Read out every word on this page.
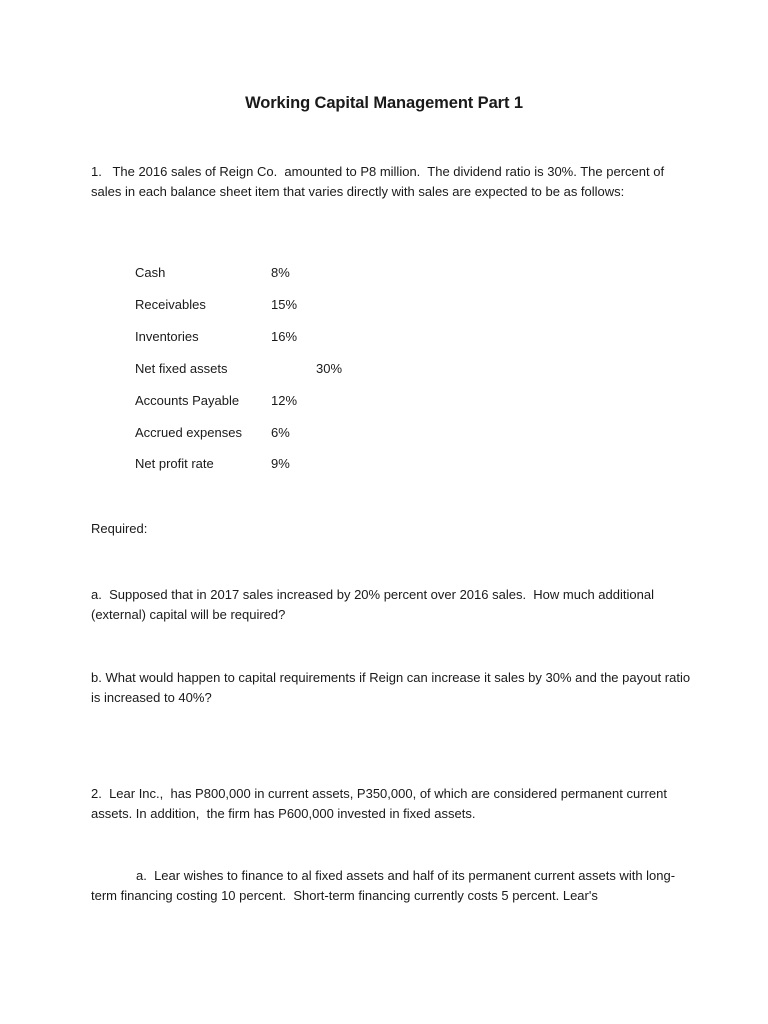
Working Capital Management Part 1
1.   The 2016 sales of Reign Co.  amounted to P8 million.  The dividend ratio is 30%. The percent of sales in each balance sheet item that varies directly with sales are expected to be as follows:
Cash	8%
Receivables	15%
Inventories	16%
Net fixed assets	30%
Accounts Payable 12%
Accrued expenses 6%
Net profit rate	9%
Required:
a.  Supposed that in 2017 sales increased by 20% percent over 2016 sales.  How much additional (external) capital will be required?
b. What would happen to capital requirements if Reign can increase it sales by 30% and the payout ratio is increased to 40%?
2.  Lear Inc.,  has P800,000 in current assets, P350,000, of which are considered permanent current assets. In addition,  the firm has P600,000 invested in fixed assets.
a.  Lear wishes to finance to al fixed assets and half of its permanent current assets with long-term financing costing 10 percent.  Short-term financing currently costs 5 percent. Lear's
